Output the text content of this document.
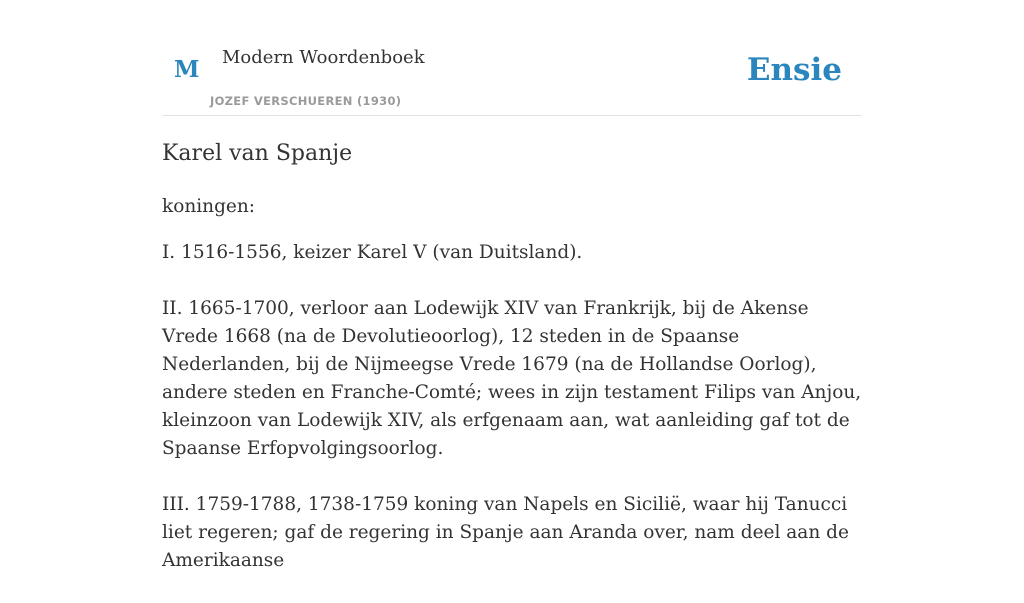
M Modern Woordenboek
JOZEF VERSCHUEREN (1930)
Ensie
Karel van Spanje

koningen:

I. 1516-1556, keizer Karel V (van Duitsland).

II. 1665-1700, verloor aan Lodewijk XIV van Frankrijk, bij de Akense Vrede 1668 (na de Devolutieoorlog), 12 steden in de Spaanse Nederlanden, bij de Nijmeegse Vrede 1679 (na de Hollandse Oorlog), andere steden en Franche-Comté; wees in zijn testament Filips van Anjou, kleinzoon van Lodewijk XIV, als erfgenaam aan, wat aanleiding gaf tot de Spaanse Erfopvolgingsoorlog.

III. 1759-1788, 1738-1759 koning van Napels en Sicilië, waar hij Tanucci liet regeren; gaf de regering in Spanje aan Aranda over, nam deel aan de Amerikaanse
